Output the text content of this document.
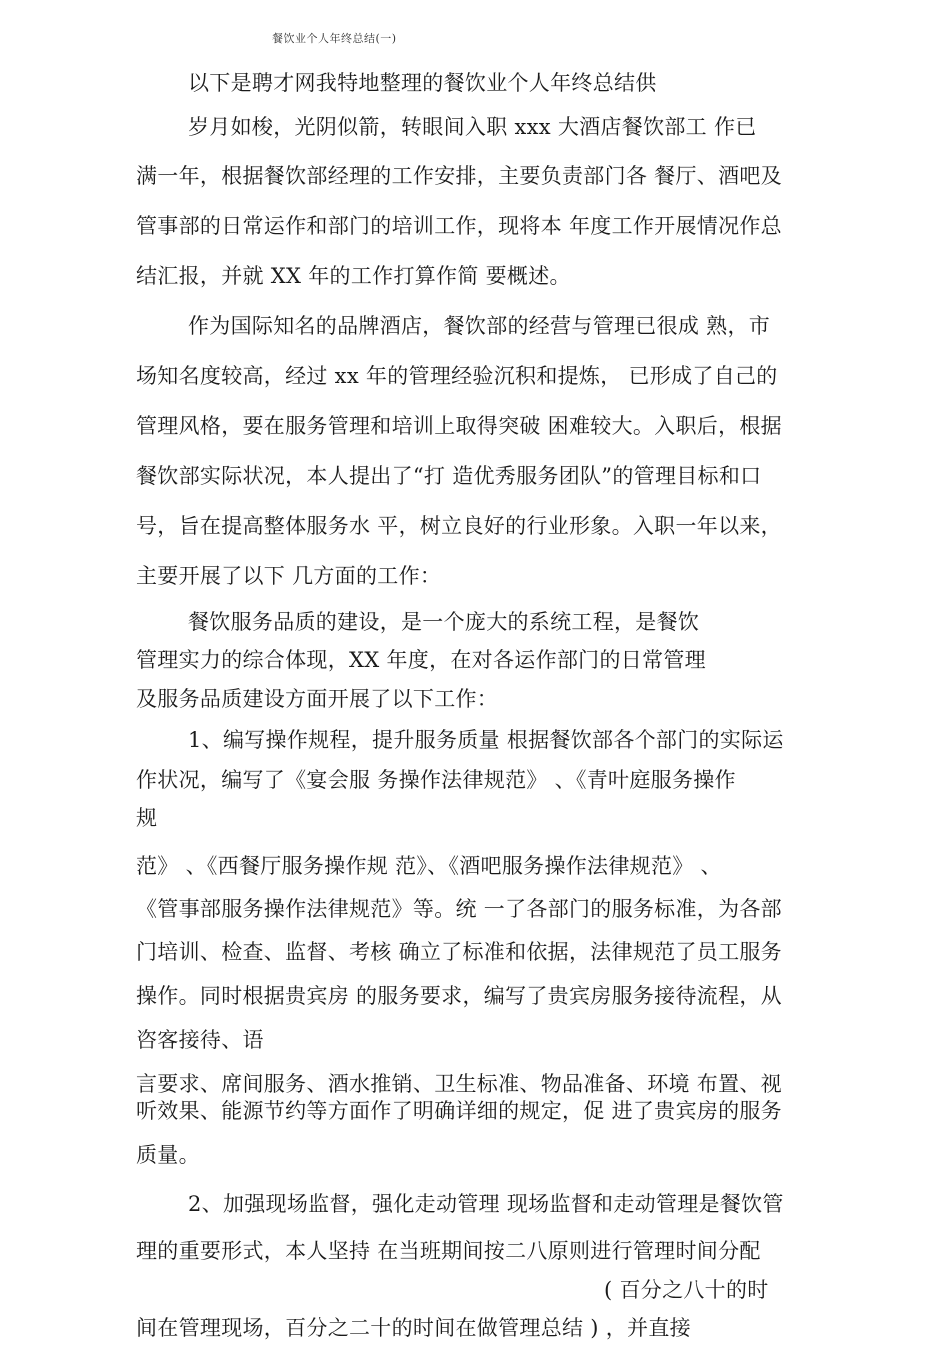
餐饮业个人年终总结(一)
以下是聘才网我特地整理的餐饮业个人年终总结供
岁月如梭，光阴似箭，转眼间入职 xxx 大酒店餐饮部工 作已
满一年，根据餐饮部经理的工作安排，主要负责部门各 餐厅、酒吧及
管事部的日常运作和部门的培训工作，现将本 年度工作开展情况作总
结汇报，并就 XX 年的工作打算作简 要概述。
作为国际知名的品牌酒店，餐饮部的经营与管理已很成 熟，市
场知名度较高，经过 xx 年的管理经验沉积和提炼， 已形成了自己的
管理风格，要在服务管理和培训上取得突破 困难较大。入职后，根据
餐饮部实际状况，本人提出了“打 造优秀服务团队”的管理目标和口
号，旨在提高整体服务水 平，树立良好的行业形象。入职一年以来，
主要开展了以下 几方面的工作：
餐饮服务品质的建设，是一个庞大的系统工程，是餐饮
管理实力的综合体现，XX 年度，在对各运作部门的日常管理
及服务品质建设方面开展了以下工作：
1、编写操作规程，提升服务质量 根据餐饮部各个部门的实际运
作状况，编写了《宴会服 务操作法律规范》 、《青叶庭服务操作
规
范》 、《西餐厅服务操作规 范》、《酒吧服务操作法律规范》 、
《管事部服务操作法律规范》等。统 一了各部门的服务标准，为各部
门培训、检查、监督、考核 确立了标准和依据，法律规范了员工服务
操作。同时根据贵宾房 的服务要求，编写了贵宾房服务接待流程，从
咨客接待、语
言要求、席间服务、酒水推销、卫生标准、物品准备、环境 布置、视
听效果、能源节约等方面作了明确详细的规定，促 进了贵宾房的服务
质量。
2、加强现场监督，强化走动管理 现场监督和走动管理是餐饮管
理的重要形式，本人坚持 在当班期间按二八原则进行管理时间分配
( 百分之八十的时
间在管理现场，百分之二十的时间在做管理总结 ) ，并直接
